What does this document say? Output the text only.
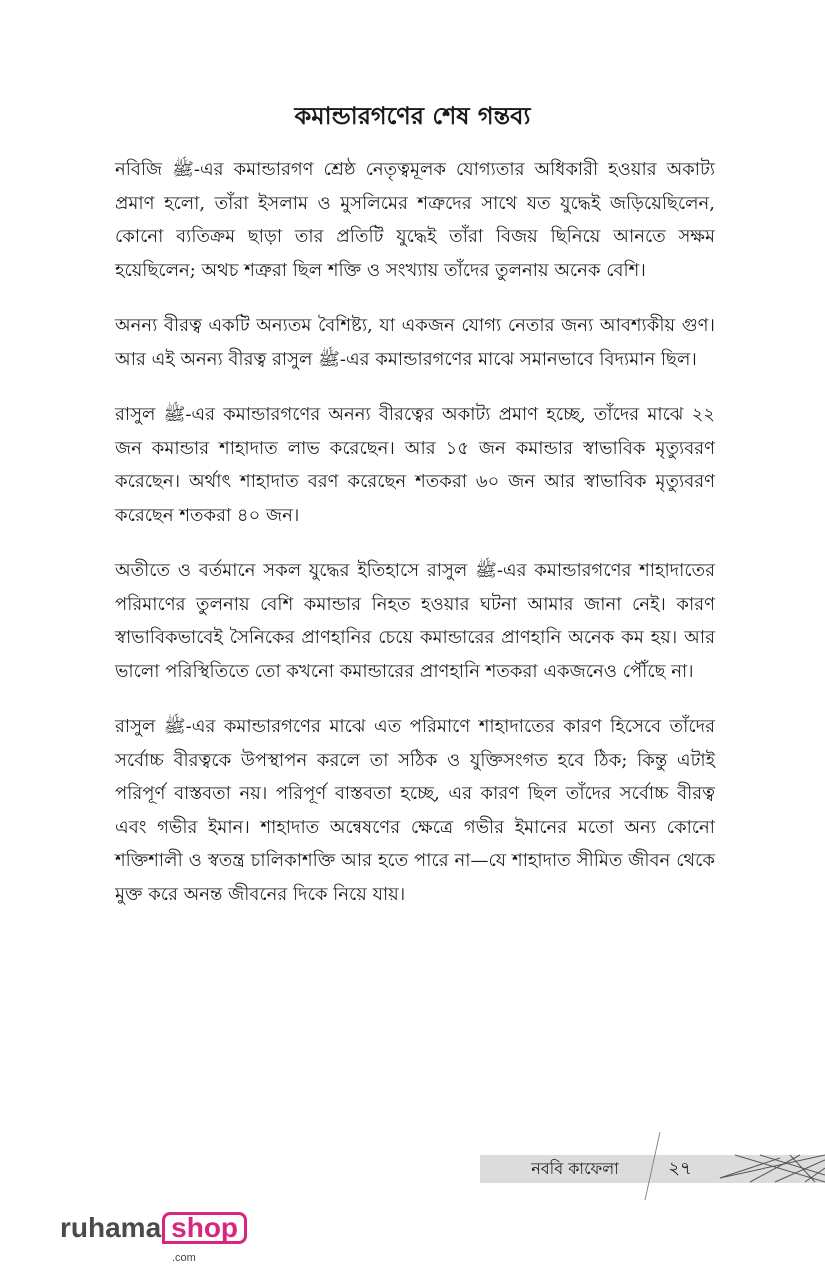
কমান্ডারগণের শেষ গন্তব্য

নবিজি ﷺ-এর কমান্ডারগণ শ্রেষ্ঠ নেতৃত্বমূলক যোগ্যতার অধিকারী হওয়ার অকাট্য প্রমাণ হলো, তাঁরা ইসলাম ও মুসলিমের শত্রুদের সাথে যত যুদ্ধেই জড়িয়েছিলেন, কোনো ব্যতিক্রম ছাড়া তার প্রতিটি যুদ্ধেই তাঁরা বিজয় ছিনিয়ে আনতে সক্ষম হয়েছিলেন; অথচ শত্রুরা ছিল শক্তি ও সংখ্যায় তাঁদের তুলনায় অনেক বেশি।

অনন্য বীরত্ব একটি অন্যতম বৈশিষ্ট্য, যা একজন যোগ্য নেতার জন্য আবশ্যকীয় গুণ। আর এই অনন্য বীরত্ব রাসুল ﷺ-এর কমান্ডারগণের মাঝে সমানভাবে বিদ্যমান ছিল।

রাসুল ﷺ-এর কমান্ডারগণের অনন্য বীরত্বের অকাট্য প্রমাণ হচ্ছে, তাঁদের মাঝে ২২ জন কমান্ডার শাহাদাত লাভ করেছেন। আর ১৫ জন কমান্ডার স্বাভাবিক মৃত্যুবরণ করেছেন। অর্থাৎ শাহাদাত বরণ করেছেন শতকরা ৬০ জন আর স্বাভাবিক মৃত্যুবরণ করেছেন শতকরা ৪০ জন।

অতীতে ও বর্তমানে সকল যুদ্ধের ইতিহাসে রাসুল ﷺ-এর কমান্ডারগণের শাহাদাতের পরিমাণের তুলনায় বেশি কমান্ডার নিহত হওয়ার ঘটনা আমার জানা নেই। কারণ স্বাভাবিকভাবেই সৈনিকের প্রাণহানির চেয়ে কমান্ডারের প্রাণহানি অনেক কম হয়। আর ভালো পরিস্থিতিতে তো কখনো কমান্ডারের প্রাণহানি শতকরা একজনেও পৌঁছে না।

রাসুল ﷺ-এর কমান্ডারগণের মাঝে এত পরিমাণে শাহাদাতের কারণ হিসেবে তাঁদের সর্বোচ্চ বীরত্বকে উপস্থাপন করলে তা সঠিক ও যুক্তিসংগত হবে ঠিক; কিন্তু এটাই পরিপূর্ণ বাস্তবতা নয়। পরিপূর্ণ বাস্তবতা হচ্ছে, এর কারণ ছিল তাঁদের সর্বোচ্চ বীরত্ব এবং গভীর ইমান। শাহাদাত অন্বেষণের ক্ষেত্রে গভীর ইমানের মতো অন্য কোনো শক্তিশালী ও স্বতন্ত্র চালিকাশক্তি আর হতে পারে না—যে শাহাদাত সীমিত জীবন থেকে মুক্ত করে অনন্ত জীবনের দিকে নিয়ে যায়।

নববি কাফেলা	২৭
ruhama shop
.com
